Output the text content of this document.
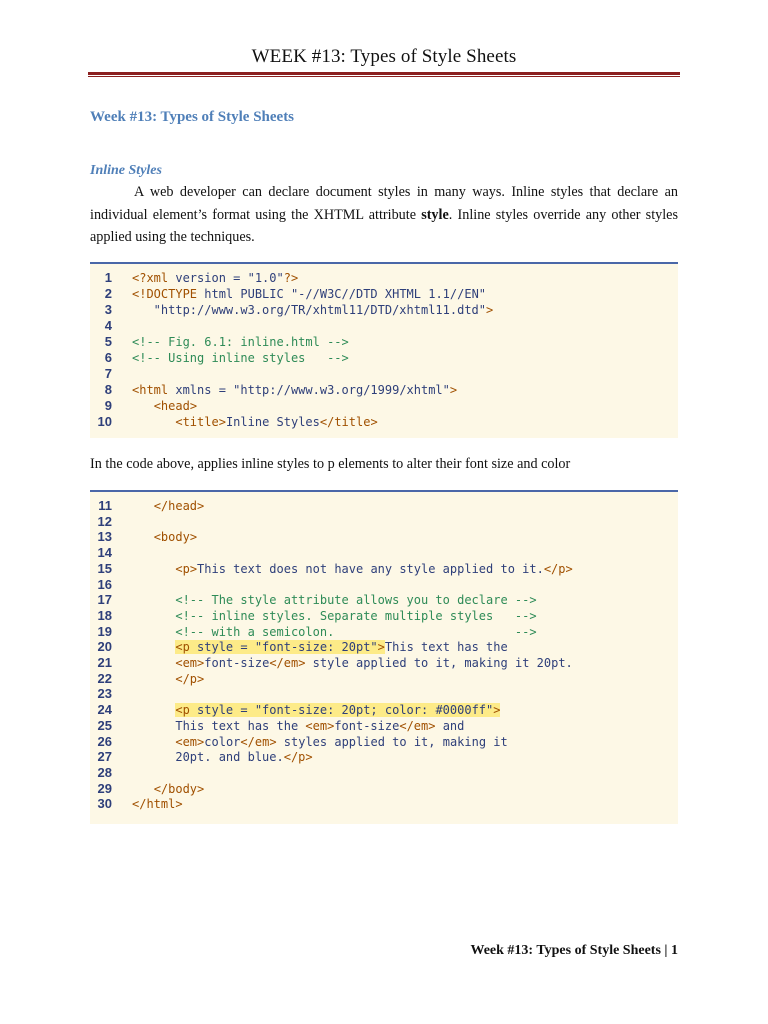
WEEK #13: Types of Style Sheets
Week #13: Types of Style Sheets
Inline Styles
A web developer can declare document styles in many ways. Inline styles that declare an individual element’s format using the XHTML attribute style. Inline styles override any other styles applied using the techniques.
1 <?xml version = "1.0"?>
2 <!DOCTYPE html PUBLIC "-//W3C//DTD XHTML 1.1//EN"
3 "http://www.w3.org/TR/xhtml11/DTD/xhtml11.dtd">
4
5 <!-- Fig. 6.1: inline.html -->
6 <!-- Using inline styles   -->
7
8 <html xmlns = "http://www.w3.org/1999/xhtml">
9	<head>
10	<title>Inline Styles</title>
In the code above, applies inline styles to p elements to alter their font size and color
11	</head>
12
13	<body>
14
15	<p>This text does not have any style applied to it.</p>
16
17 <!-- The style attribute allows you to declare -->
18 <!-- inline styles. Separate multiple styles   -->
19 <!-- with a semicolon.                         -->
20	<p style = "font-size: 20pt">This text has the
21	<em>font-size</em> style applied to it, making it 20pt.
22	</p>
23
24	<p style = "font-size: 20pt; color: #0000ff">
25 This text has the <em>font-size</em> and
26	<em>color</em> styles applied to it, making it
27 20pt. and blue.</p>
28
29	</body>
30 </html>
Week #13: Types of Style Sheets | 1
